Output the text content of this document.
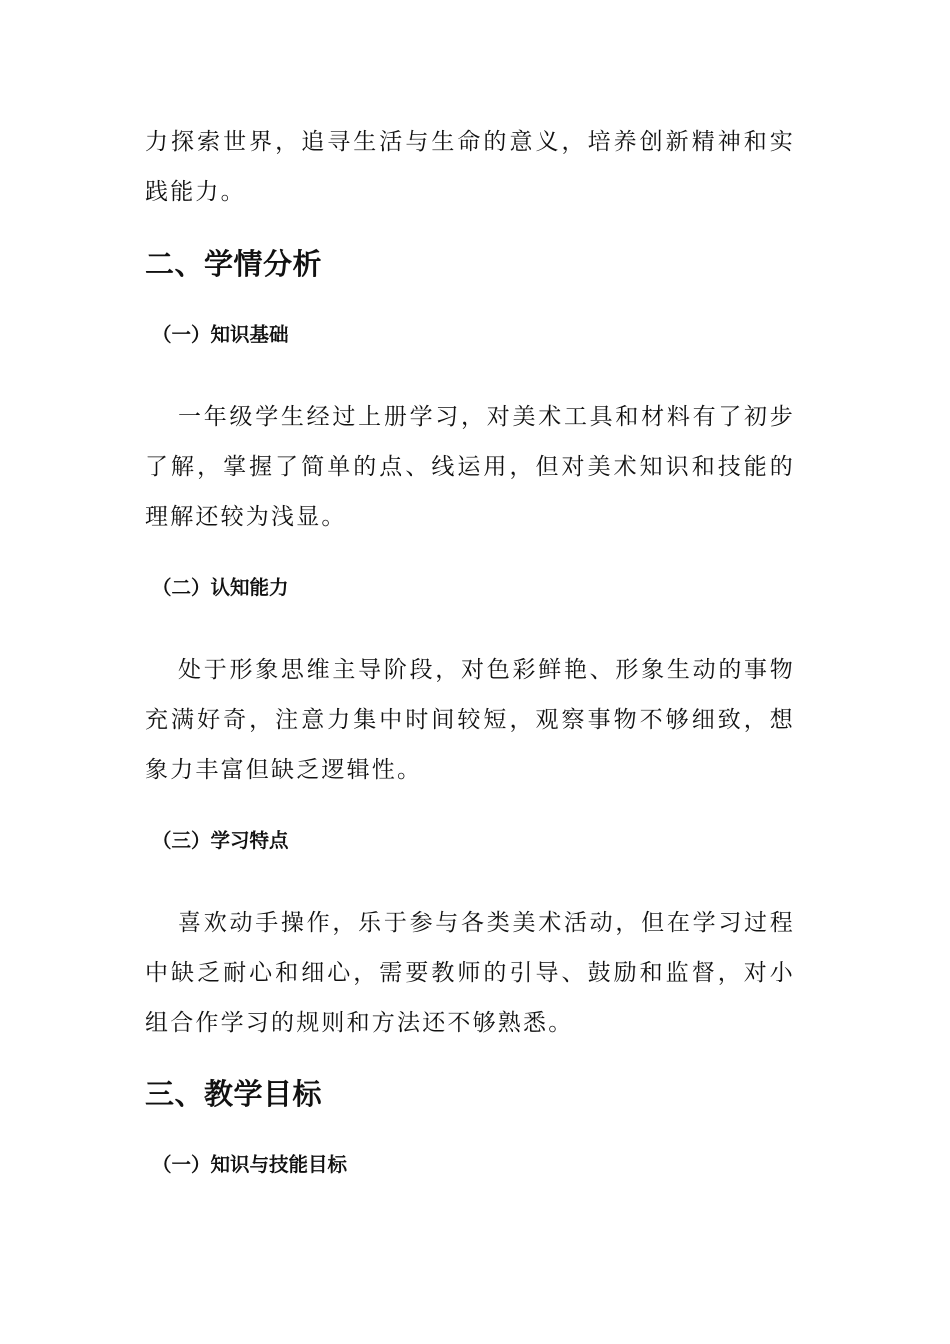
力探索世界，追寻生活与生命的意义，培养创新精神和实践能力。

二、学情分析
（一）知识基础

一年级学生经过上册学习，对美术工具和材料有了初步了解，掌握了简单的点、线运用，但对美术知识和技能的理解还较为浅显。

（二）认知能力

处于形象思维主导阶段，对色彩鲜艳、形象生动的事物充满好奇，注意力集中时间较短，观察事物不够细致，想象力丰富但缺乏逻辑性。

（三）学习特点

喜欢动手操作，乐于参与各类美术活动，但在学习过程中缺乏耐心和细心，需要教师的引导、鼓励和监督，对小组合作学习的规则和方法还不够熟悉。

三、教学目标
（一）知识与技能目标
